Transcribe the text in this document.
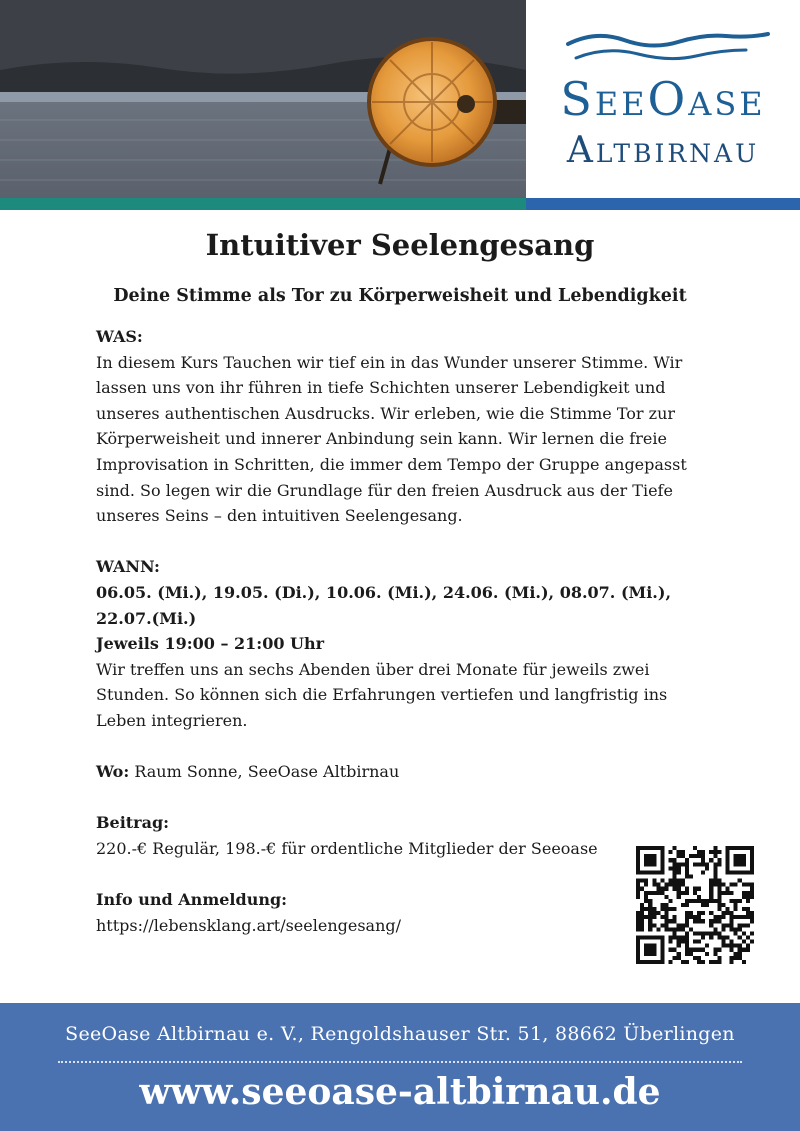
SeeOase
Altbirnau
Intuitiver Seelengesang
Deine Stimme als Tor zu Körperweisheit und Lebendigkeit

WAS:

In diesem Kurs Tauchen wir tief ein in das Wunder unserer Stimme. Wir lassen uns von ihr führen in tiefe Schichten unserer Lebendigkeit und unseres authentischen Ausdrucks. Wir erleben, wie die Stimme Tor zur Körperweisheit und innerer Anbindung sein kann. Wir lernen die freie Improvisation in Schritten, die immer dem Tempo der Gruppe angepasst sind. So legen wir die Grundlage für den freien Ausdruck aus der Tiefe unseres Seins – den intuitiven Seelengesang.

WANN:

06.05. (Mi.), 19.05. (Di.), 10.06. (Mi.), 24.06. (Mi.), 08.07. (Mi.),

22.07.(Mi.)

Jeweils 19:00 – 21:00 Uhr

Wir treffen uns an sechs Abenden über drei Monate für jeweils zwei Stunden. So können sich die Erfahrungen vertiefen und langfristig ins Leben integrieren.

Wo: Raum Sonne, SeeOase Altbirnau

Beitrag:

220.-€ Regulär, 198.-€ für ordentliche Mitglieder der Seeoase

Info und Anmeldung:

https://lebensklang.art/seelengesang/

SeeOase Altbirnau e. V., Rengoldshauser Str. 51, 88662 Überlingen
www.seeoase-altbirnau.de
